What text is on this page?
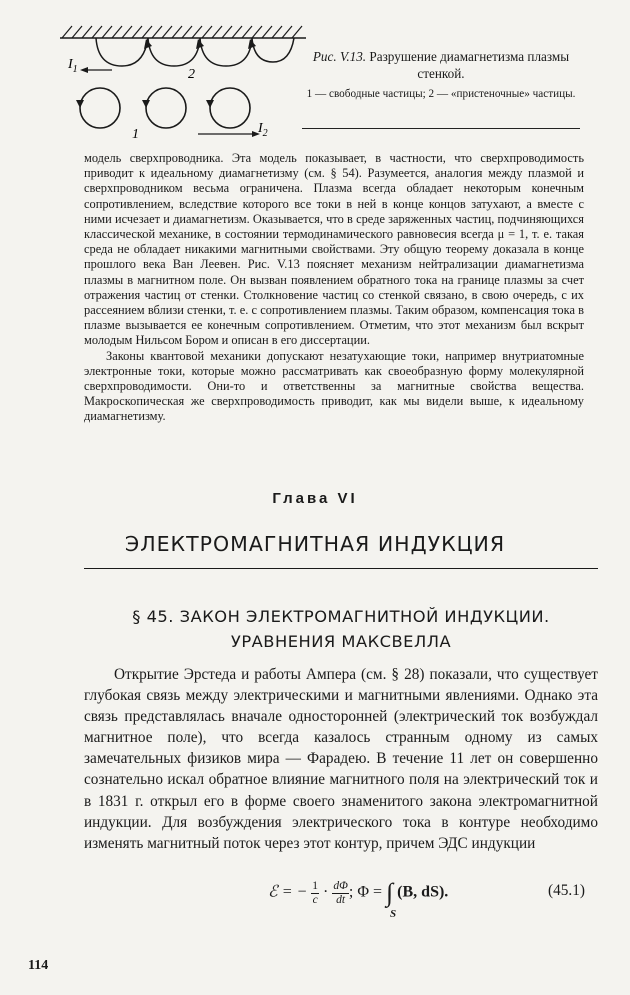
$I_1$	2
1	$I_2$
Рис. V.13. Разрушение диамагнетизма плазмы стенкой.
1 — свободные частицы; 2 — «пристеночные» частицы.

модель сверхпроводника. Эта модель показывает, в частности, что сверхпроводимость приводит к идеальному диамагнетизму (см. § 54). Разумеется, аналогия между плазмой и сверхпроводником весьма ограничена. Плазма всегда обладает некоторым конечным сопротивлением, вследствие которого все токи в ней в конце концов затухают, а вместе с ними исчезает и диамагнетизм. Оказывается, что в среде заряженных частиц, подчиняющихся классической механике, в состоянии термодинамического равновесия всегда μ = 1, т. е. такая среда не обладает никакими магнитными свойствами. Эту общую теорему доказала в конце прошлого века Ван Леевен. Рис. V.13 поясняет механизм нейтрализации диамагнетизма плазмы в магнитном поле. Он вызван появлением обратного тока на границе плазмы за счет отражения частиц от стенки. Столкновение частиц со стенкой связано, в свою очередь, с их рассеянием вблизи стенки, т. е. с сопротивлением плазмы. Таким образом, компенсация тока в плазме вызывается ее конечным сопротивлением. Отметим, что этот механизм был вскрыт молодым Нильсом Бором и описан в его диссертации.

Законы квантовой механики допускают незатухающие токи, например внутриатомные электронные токи, которые можно рассматривать как своеобразную форму молекулярной сверхпроводимости. Они-то и ответственны за магнитные свойства вещества. Макроскопическая же сверхпроводимость приводит, как мы видели выше, к идеальному диамагнетизму.

Глава VI
ЭЛЕКТРОМАГНИТНАЯ ИНДУКЦИЯ
§ 45. ЗАКОН ЭЛЕКТРОМАГНИТНОЙ ИНДУКЦИИ.
УРАВНЕНИЯ МАКСВЕЛЛА

Открытие Эрстеда и работы Ампера (см. § 28) показали, что существует глубокая связь между электрическими и магнитными явлениями. Однако эта связь представлялась вначале односторонней (электрический ток возбуждал магнитное поле), что всегда казалось странным одному из самых замечательных физиков мира — Фарадею. В течение 11 лет он совершенно сознательно искал обратное влияние магнитного поля на электрический ток и в 1831 г. открыл его в форме своего знаменитого закона электромагнитной индукции. Для возбуждения электрического тока в контуре необходимо изменять магнитный поток через этот контур, причем ЭДС индукции

ℰ = − $\frac{1}{c} \cdot \frac{d\Phi}{dt}$ ; Φ = ∫
S
(B, dS).	(45.1)
114
